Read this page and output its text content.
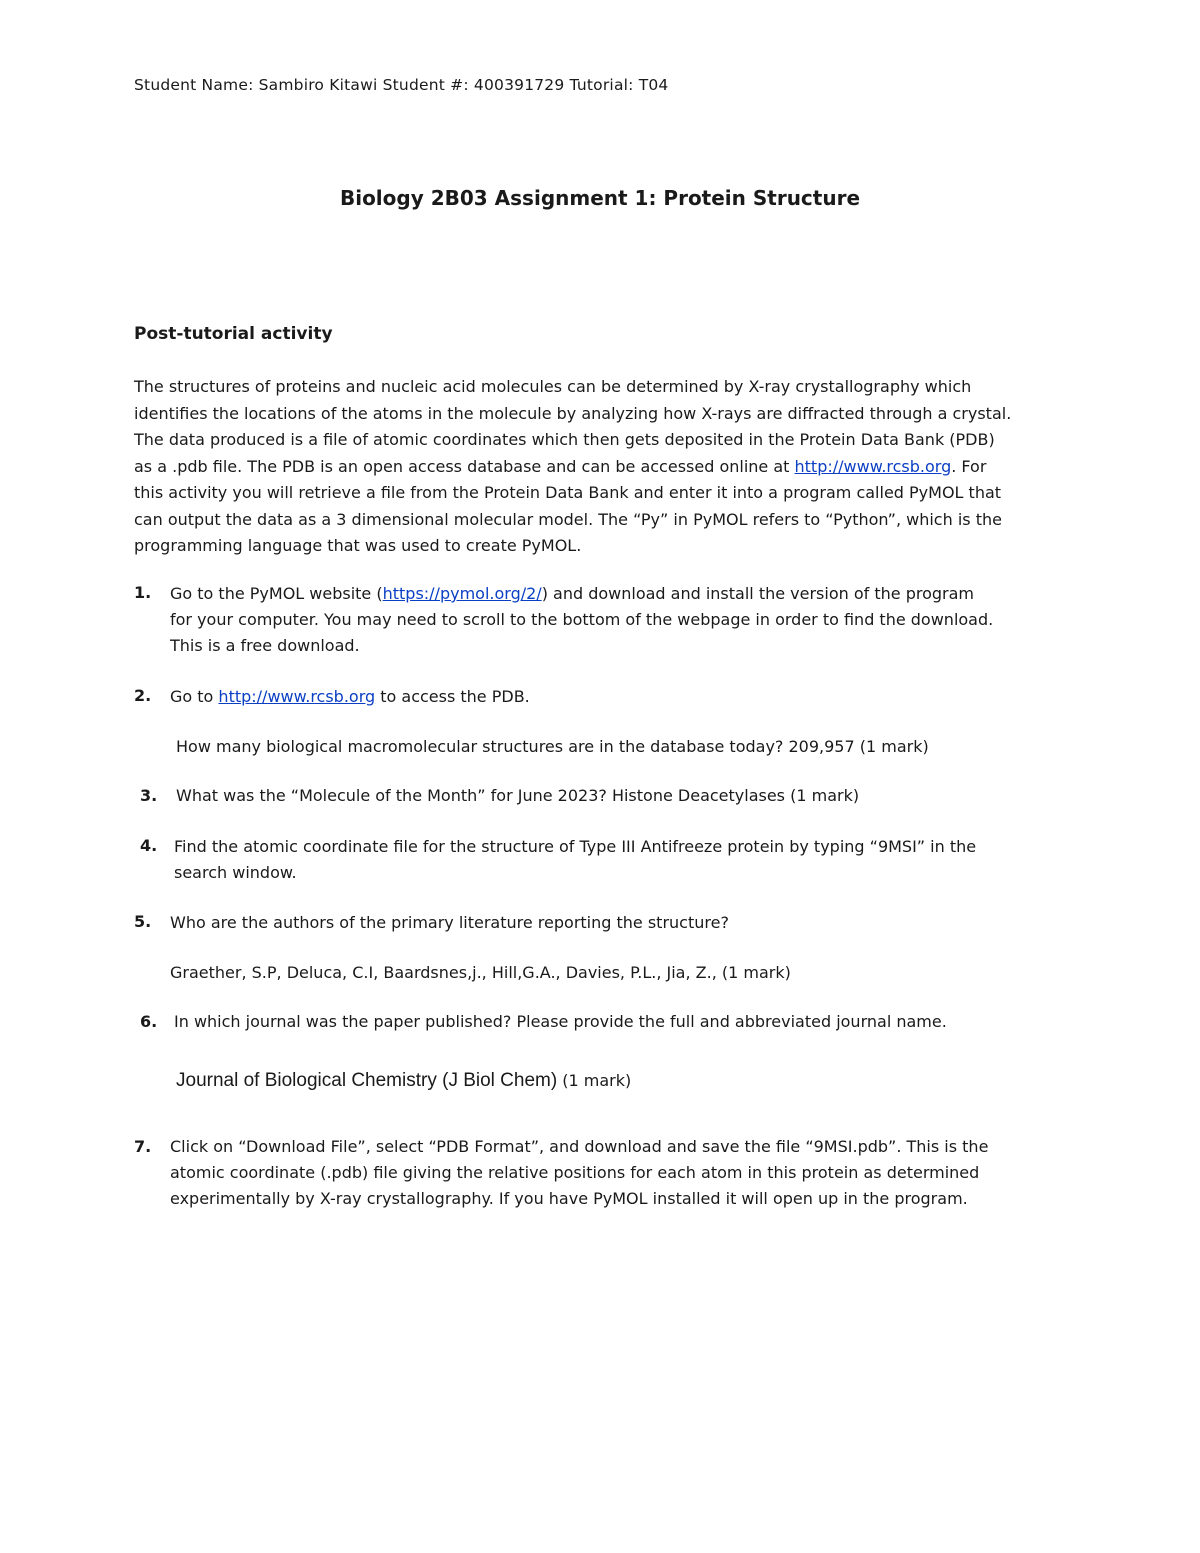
Student Name: Sambiro Kitawi Student #: 400391729 Tutorial: T04
Biology 2B03 Assignment 1: Protein Structure
Post-tutorial activity
The structures of proteins and nucleic acid molecules can be determined by X-ray crystallography which
identifies the locations of the atoms in the molecule by analyzing how X-rays are diffracted through a crystal.
The data produced is a file of atomic coordinates which then gets deposited in the Protein Data Bank (PDB)
as a .pdb file. The PDB is an open access database and can be accessed online at http://www.rcsb.org. For
this activity you will retrieve a file from the Protein Data Bank and enter it into a program called PyMOL that
can output the data as a 3 dimensional molecular model. The “Py” in PyMOL refers to “Python”, which is the
programming language that was used to create PyMOL.
1. Go to the PyMOL website (https://pymol.org/2/) and download and install the version of the program
for your computer. You may need to scroll to the bottom of the webpage in order to find the download.
This is a free download.
2. Go to http://www.rcsb.org to access the PDB.
How many biological macromolecular structures are in the database today? 209,957 (1 mark)
3. What was the “Molecule of the Month” for June 2023? Histone Deacetylases (1 mark)
4. Find the atomic coordinate file for the structure of Type III Antifreeze protein by typing “9MSI” in the
search window.
5. Who are the authors of the primary literature reporting the structure?
Graether, S.P, Deluca, C.I, Baardsnes,j., Hill,G.A., Davies, P.L., Jia, Z., (1 mark)
6. In which journal was the paper published? Please provide the full and abbreviated journal name.
Journal of Biological Chemistry (J Biol Chem) (1 mark)
7. Click on “Download File”, select “PDB Format”, and download and save the file “9MSI.pdb”. This is the
atomic coordinate (.pdb) file giving the relative positions for each atom in this protein as determined
experimentally by X-ray crystallography. If you have PyMOL installed it will open up in the program.
